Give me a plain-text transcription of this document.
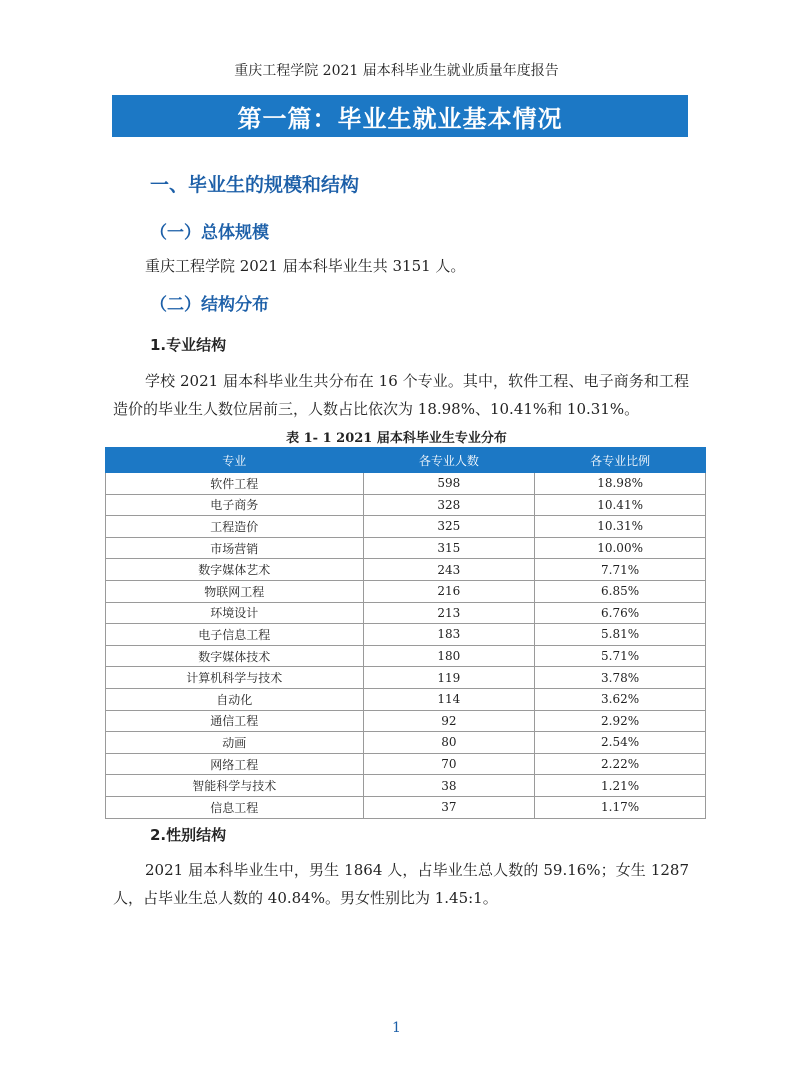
重庆工程学院 2021 届本科毕业生就业质量年度报告
第一篇：毕业生就业基本情况
一、毕业生的规模和结构
（一）总体规模
重庆工程学院 2021 届本科毕业生共 3151 人。
（二）结构分布
1.专业结构
学校 2021 届本科毕业生共分布在 16 个专业。其中，软件工程、电子商务和工程造价的毕业生人数位居前三，人数占比依次为 18.98%、10.41%和 10.31%。
表 1- 1 2021 届本科毕业生专业分布
专业	各专业人数	各专业比例
软件工程	598	18.98%
电子商务	328	10.41%
工程造价	325	10.31%
市场营销	315	10.00%
数字媒体艺术	243	7.71%
物联网工程	216	6.85%
环境设计	213	6.76%
电子信息工程	183	5.81%
数字媒体技术	180	5.71%
计算机科学与技术	119	3.78%
自动化	114	3.62%
通信工程	92	2.92%
动画	80	2.54%
网络工程	70	2.22%
智能科学与技术	38	1.21%
信息工程	37	1.17%
2.性别结构
2021 届本科毕业生中，男生 1864 人，占毕业生总人数的 59.16%；女生 1287 人，占毕业生总人数的 40.84%。男女性别比为 1.45:1。
1
